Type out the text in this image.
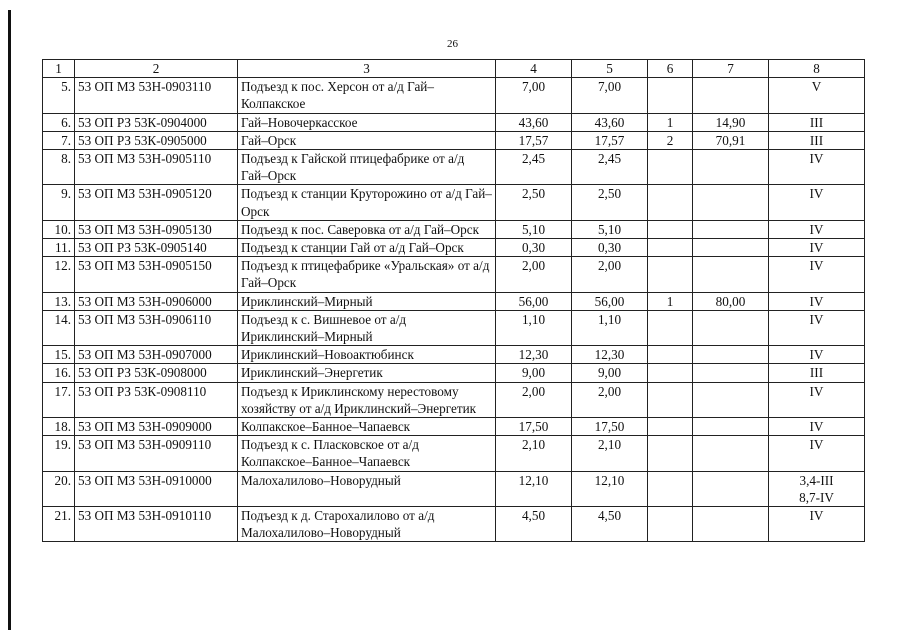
26
1	2	3	4	5	6	7	8
5.	53 ОП МЗ 53Н-0903110	Подъезд к пос. Херсон от а/д Гай–Колпакское	7,00	7,00			V
6.	53 ОП РЗ 53К-0904000	Гай–Новочеркасское	43,60	43,60	1	14,90	III
7.	53 ОП РЗ 53К-0905000	Гай–Орск	17,57	17,57	2	70,91	III
8.	53 ОП МЗ 53Н-0905110	Подъезд к Гайской птицефабрике от а/д Гай–Орск	2,45	2,45			IV
9.	53 ОП МЗ 53Н-0905120	Подъезд к станции Круторожино от а/д Гай–Орск	2,50	2,50			IV
10.	53 ОП МЗ 53Н-0905130	Подъезд к пос. Саверовка от а/д Гай–Орск	5,10	5,10			IV
11.	53 ОП РЗ 53К-0905140	Подъезд к станции Гай от а/д Гай–Орск	0,30	0,30			IV
12.	53 ОП МЗ 53Н-0905150	Подъезд к птицефабрике «Уральская» от а/д Гай–Орск	2,00	2,00			IV
13.	53 ОП МЗ 53Н-0906000	Ириклинский–Мирный	56,00	56,00	1	80,00	IV
14.	53 ОП МЗ 53Н-0906110	Подъезд к с. Вишневое от а/д Ириклинский–Мирный	1,10	1,10			IV
15.	53 ОП МЗ 53Н-0907000	Ириклинский–Новоактюбинск	12,30	12,30			IV
16.	53 ОП РЗ 53К-0908000	Ириклинский–Энергетик	9,00	9,00			III
17.	53 ОП РЗ 53К-0908110	Подъезд к Ириклинскому нерестовому хозяйству от а/д Ириклинский–Энергетик	2,00	2,00			IV
18.	53 ОП МЗ 53Н-0909000	Колпакское–Банное–Чапаевск	17,50	17,50			IV
19.	53 ОП МЗ 53Н-0909110	Подъезд к с. Пласковское от а/д Колпакское–Банное–Чапаевск	2,10	2,10			IV
20.	53 ОП МЗ 53Н-0910000	Малохалилово–Новорудный	12,10	12,10			3,4-III
8,7-IV
21.	53 ОП МЗ 53Н-0910110	Подъезд к д. Старохалилово от а/д Малохалилово–Новорудный	4,50	4,50			IV
